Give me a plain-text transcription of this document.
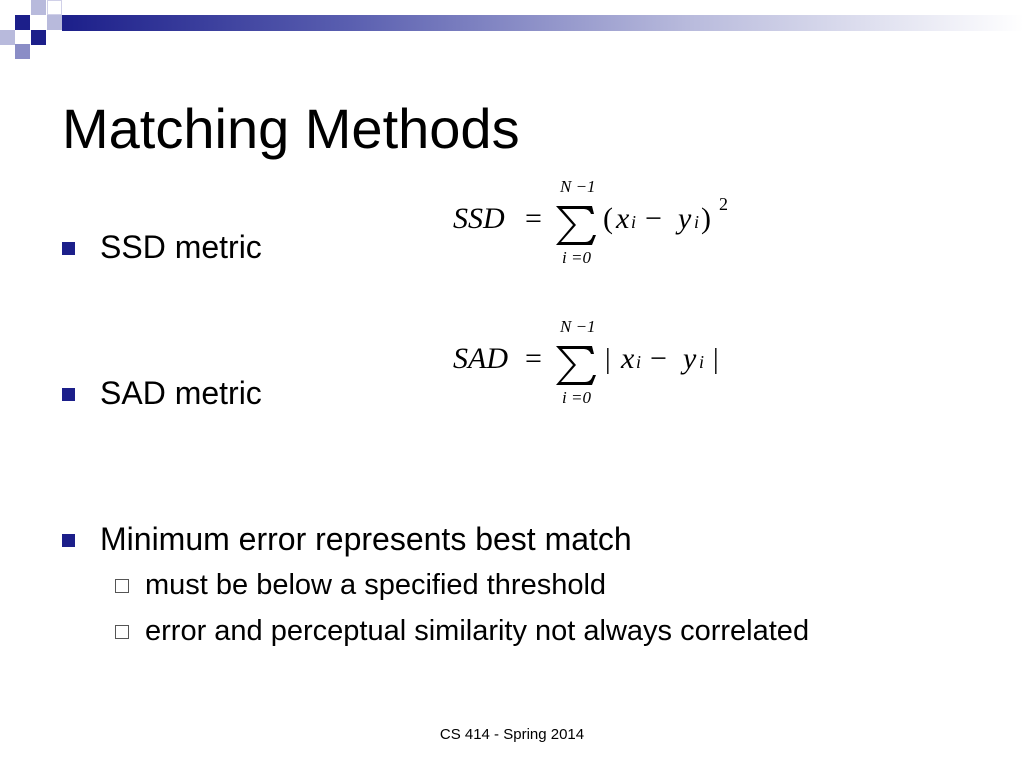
Matching Methods
SSD metric
SAD metric
Minimum error represents best match
must be below a specified threshold
error and perceptual similarity not always correlated
SSD =
N −1
i =0
( x i − y i ) 2
SAD =
N −1
i =0
| x i − y i |
CS 414 - Spring 2014
